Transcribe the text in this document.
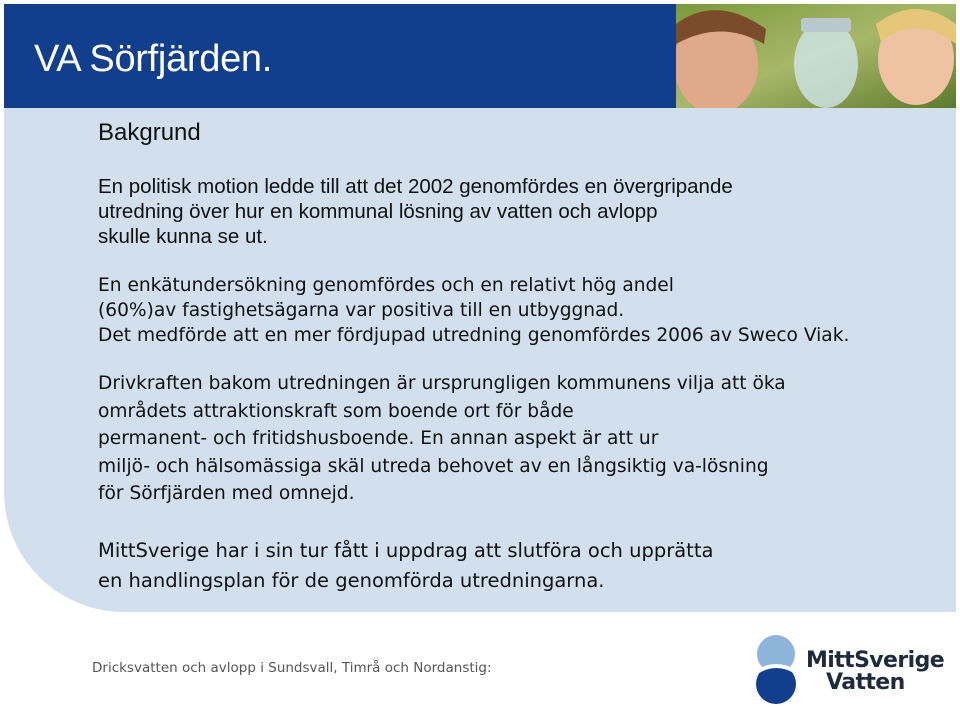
VA Sörfjärden.
Bakgrund
En politisk motion ledde till att det 2002 genomfördes en övergripande
utredning över hur en kommunal lösning av vatten och avlopp
skulle kunna se ut.
En enkätundersökning genomfördes och en relativt hög andel
(60%)av fastighetsägarna var positiva till en utbyggnad.
Det medförde att en mer fördjupad utredning genomfördes 2006 av Sweco Viak.
Drivkraften bakom utredningen är ursprungligen kommunens vilja att öka
områdets attraktionskraft som boende ort för både
permanent- och fritidshusboende. En annan aspekt är att ur
miljö- och hälsomässiga skäl utreda behovet av en långsiktig va-lösning
för Sörfjärden med omnejd.
MittSverige har i sin tur fått i uppdrag att slutföra och upprätta
en handlingsplan för de genomförda utredningarna.
Dricksvatten och avlopp i Sundsvall, Timrå och Nordanstig:	MittSverige
Vatten
